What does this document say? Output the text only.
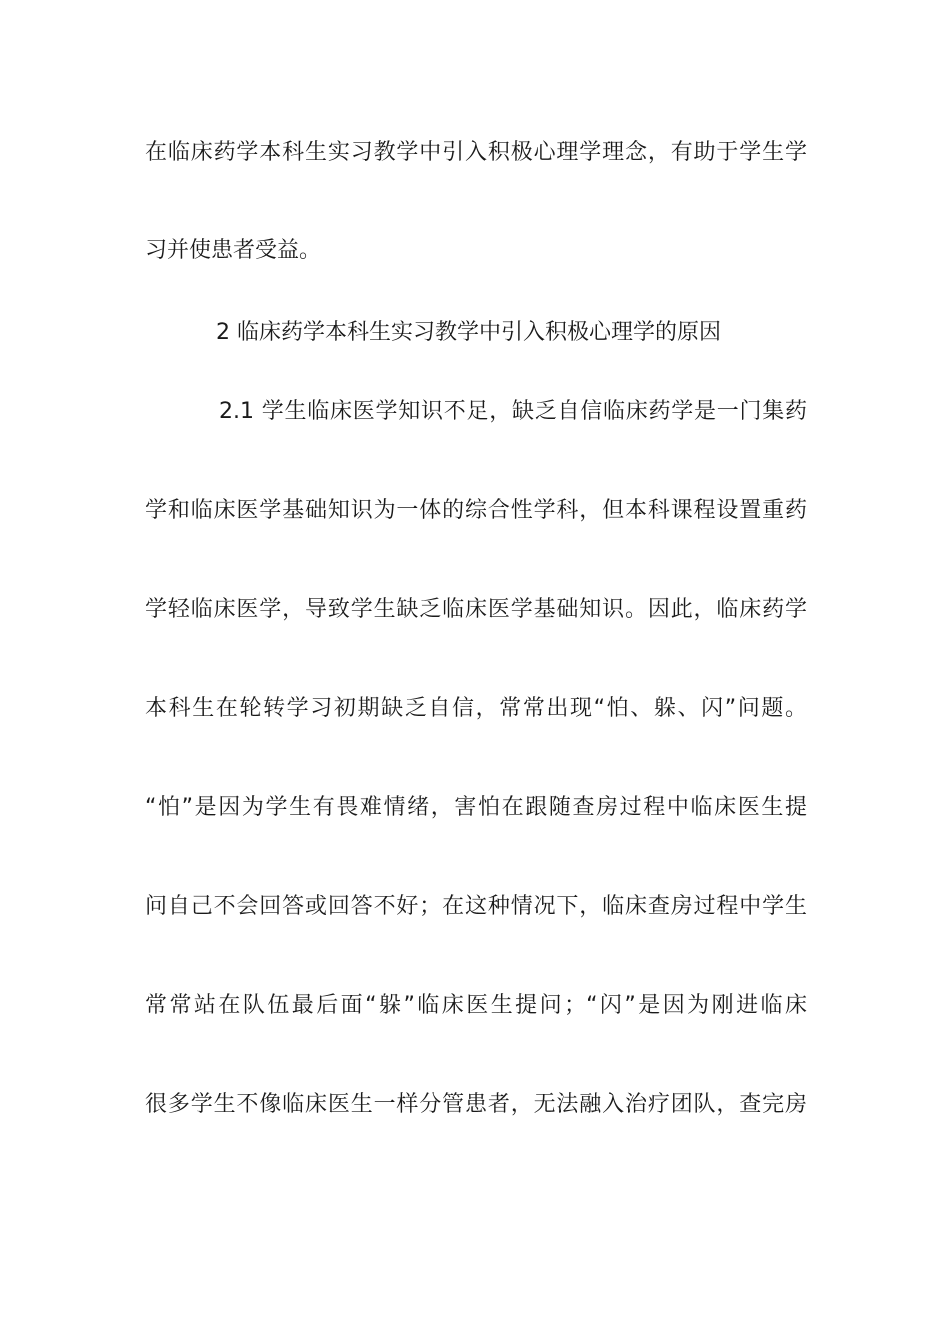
在临床药学本科生实习教学中引入积极心理学理念，有助于学生学
习并使患者受益。
2 临床药学本科生实习教学中引入积极心理学的原因
2.1 学生临床医学知识不足，缺乏自信临床药学是一门集药
学和临床医学基础知识为一体的综合性学科，但本科课程设置重药
学轻临床医学，导致学生缺乏临床医学基础知识。因此，临床药学
本科生在轮转学习初期缺乏自信，常常出现“怕、躲、闪”问题。
“怕”是因为学生有畏难情绪，害怕在跟随查房过程中临床医生提
问自己不会回答或回答不好；在这种情况下，临床查房过程中学生
常常站在队伍最后面“躲”临床医生提问；“闪”是因为刚进临床
很多学生不像临床医生一样分管患者，无法融入治疗团队，查完房
